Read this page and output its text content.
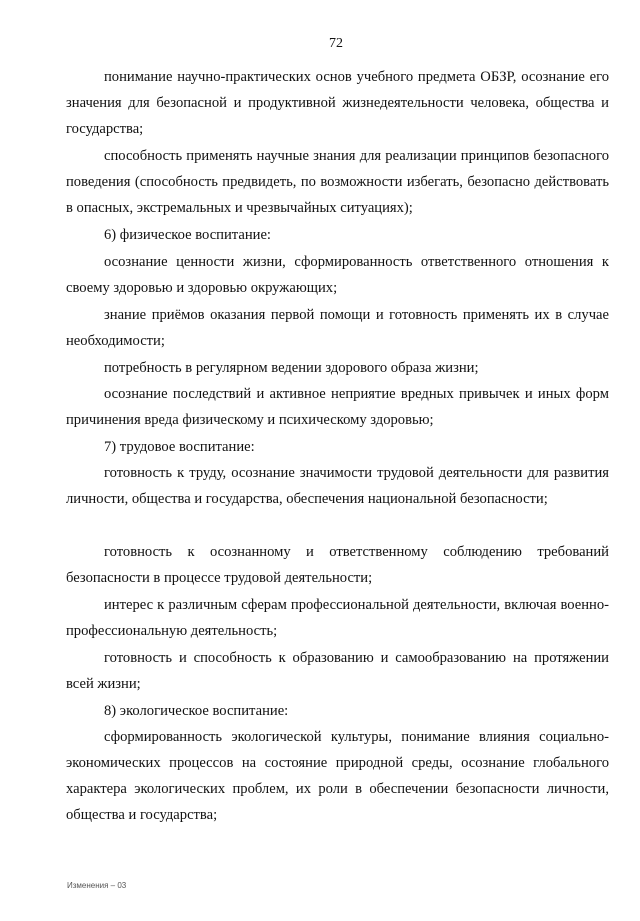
72

понимание научно-практических основ учебного предмета ОБЗР, осознание его значения для безопасной и продуктивной жизнедеятельности человека, общества и государства;

способность применять научные знания для реализации принципов безопасного поведения (способность предвидеть, по возможности избегать, безопасно действовать в опасных, экстремальных и чрезвычайных ситуациях);

6) физическое воспитание:

осознание ценности жизни, сформированность ответственного отношения к своему здоровью и здоровью окружающих;

знание приёмов оказания первой помощи и готовность применять их в случае необходимости;

потребность в регулярном ведении здорового образа жизни;

осознание последствий и активное неприятие вредных привычек и иных форм причинения вреда физическому и психическому здоровью;

7) трудовое воспитание:

готовность к труду, осознание значимости трудовой деятельности для развития личности, общества и государства, обеспечения национальной безопасности;

готовность к осознанному и ответственному соблюдению требований безопасности в процессе трудовой деятельности;

интерес к различным сферам профессиональной деятельности, включая военно-профессиональную деятельность;

готовность и способность к образованию и самообразованию на протяжении всей жизни;

8) экологическое воспитание:

сформированность экологической культуры, понимание влияния социально-экономических процессов на состояние природной среды, осознание глобального характера экологических проблем, их роли в обеспечении безопасности личности, общества и государства;

Изменения – 03
